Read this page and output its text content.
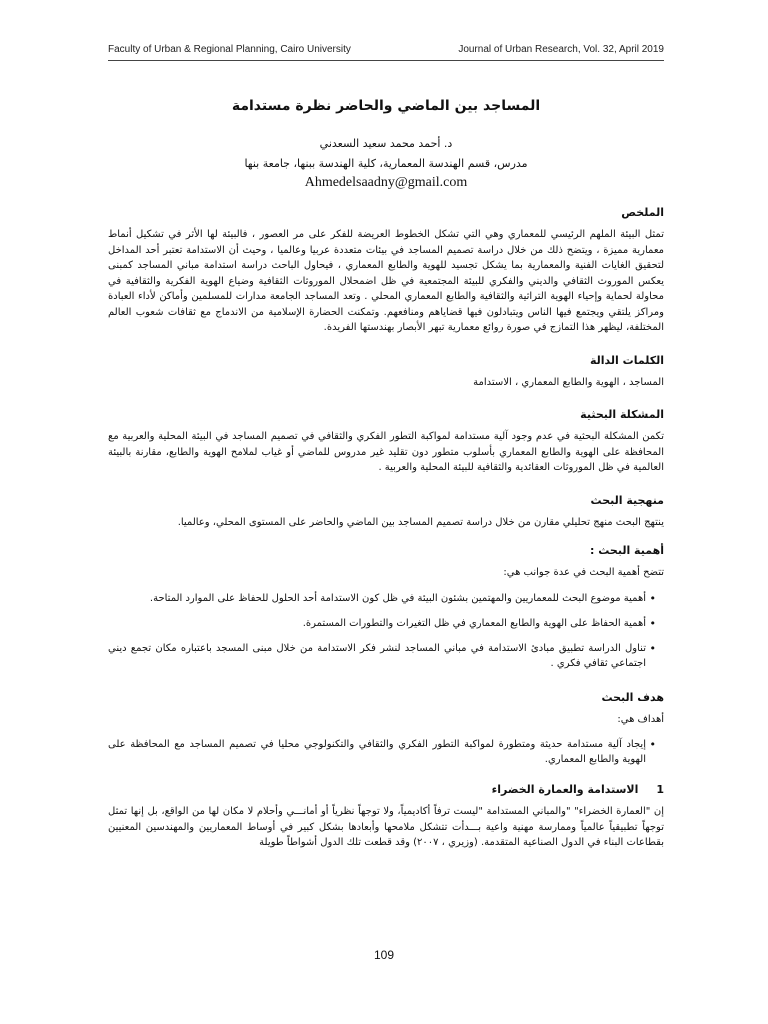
Faculty of Urban & Regional Planning, Cairo University	Journal of Urban Research, Vol. 32, April 2019
المساجد بين الماضي والحاضر نظرة مستدامة
د. أحمد محمد سعيد السعدني
مدرس، قسم الهندسة المعمارية، كلية الهندسة ببنها، جامعة بنها
Ahmedelsaadny@gmail.com
الملخص

تمثل البيئة الملهم الرئيسي للمعماري وهي التي تشكل الخطوط العريضة للفكر على مر العصور ، فالبيئة لها الأثر في تشكيل أنماط معمارية مميزة ، ويتضح ذلك من خلال دراسة تصميم المساجد في بيئات متعددة عربيا وعالميا ، وحيث أن الاستدامة تعتبر أحد المداخل لتحقيق الغايات الفنية والمعمارية بما يشكل تجسيد للهوية والطابع المعماري ، فيحاول الباحث دراسة استدامة مباني المساجد كمبنى يعكس الموروث الثقافي والديني والفكري للبيئة المجتمعية في ظل اضمحلال الموروثات الثقافية وضياع الهوية الفكرية والثقافية في محاولة لحماية وإحياء الهوية التراثية والثقافية والطابع المعماري المحلي . وتعد المساجد الجامعة مدارات للمسلمين وأماكن لأداء العبادة ومراكز يلتقي ويجتمع فيها الناس ويتبادلون فيها قضاياهم ومنافعهم. وتمكنت الحضارة الإسلامية من الاندماج مع ثقافات شعوب العالم المختلفة، ليظهر هذا التمازج في صورة روائع معمارية تبهر الأبصار بهندستها الفريدة.

الكلمات الدالة

المساجد ، الهوية والطابع المعماري ، الاستدامة

المشكلة البحثية

تكمن المشكلة البحثية في عدم وجود آلية مستدامة لمواكبة التطور الفكري والثقافي في تصميم المساجد في البيئة المحلية والعربية مع المحافظة على الهوية والطابع المعماري بأسلوب متطور دون تقليد غير مدروس للماضي أو غياب لملامح الهوية والطابع، مقارنة بالبيئة العالمية في ظل الموروثات العقائدية والثقافية للبيئة المحلية والعربية .

منهجية البحث

ينتهج البحث منهج تحليلي مقارن من خلال دراسة تصميم المساجد بين الماضي والحاضر على المستوى المحلي، وعالميا.

أهمية البحث :

تتضح أهمية البحث في عدة جوانب هي:

• أهمية موضوع البحث للمعماريين والمهتمين بشئون البيئة في ظل كون الاستدامة أحد الحلول للحفاظ على الموارد المتاحة.
• أهمية الحفاظ على الهوية والطابع المعماري في ظل التغيرات والتطورات المستمرة.
• تناول الدراسة تطبيق مبادئ الاستدامة في مباني المساجد لنشر فكر الاستدامة من خلال مبنى المسجد باعتباره مكان تجمع ديني اجتماعي ثقافي فكري .
هدف البحث

أهداف هي:

• إيجاد آلية مستدامة حديثة ومتطورة لمواكبة التطور الفكري والثقافي والتكنولوجي محليا في تصميم المساجد مع المحافظة على الهوية والطابع المعماري.
1
الاستدامة والعمارة الخضراء

إن "العمارة الخضراء" "والمباني المستدامة "ليست ترفاً أكاديمياً، ولا توجهاً نظرياً أو أمانـــي وأحلام لا مكان لها من الواقع، بل إنها تمثل توجهاً تطبيقياً عالمياً وممارسة مهنية واعية بـــدأت تتشكل ملامحها وأبعادها بشكل كبير في أوساط المعماريين والمهندسين المعنيين بقطاعات البناء في الدول الصناعية المتقدمة. (وزيري ، ٢٠٠٧) وقد قطعت تلك الدول أشواطاً طويلة

109
